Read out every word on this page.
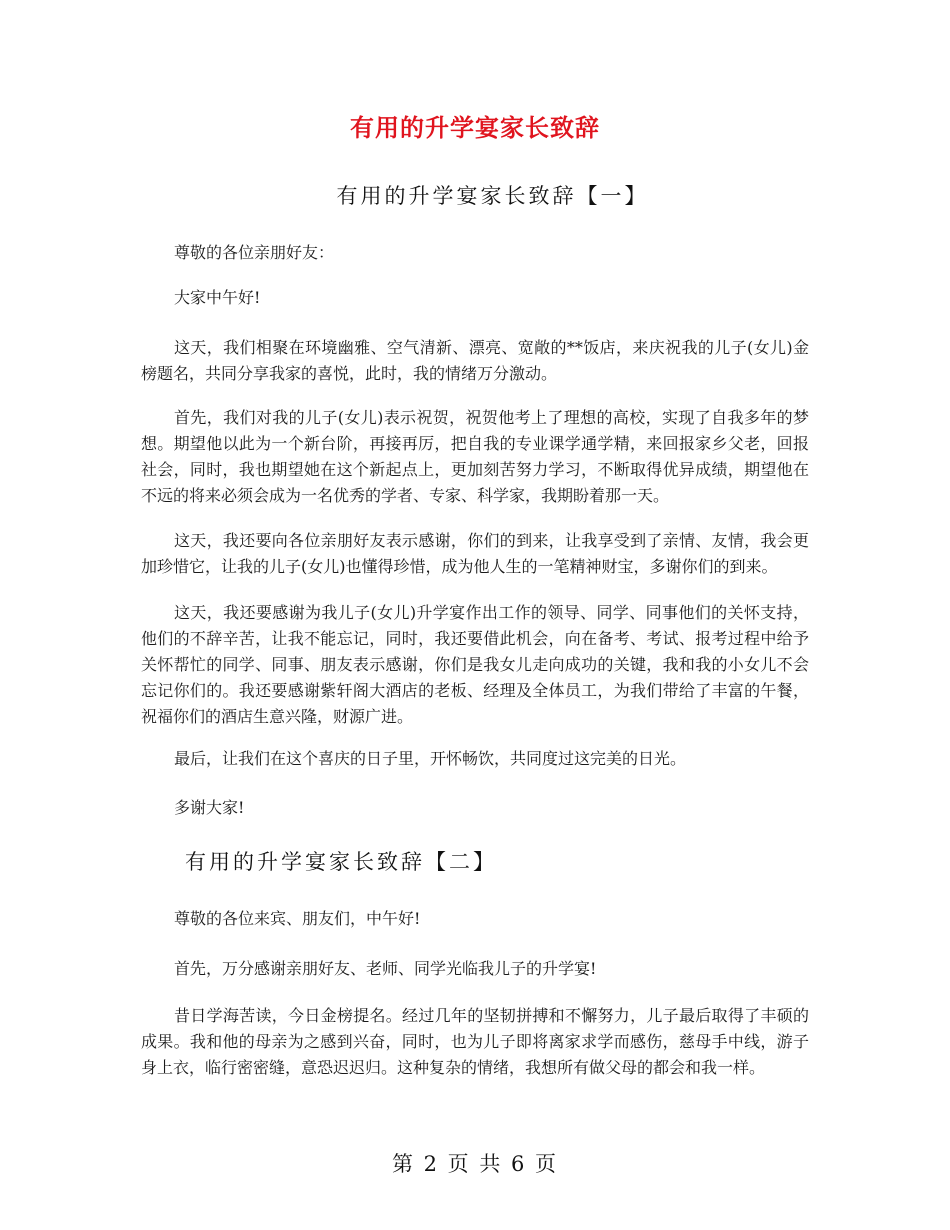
有用的升学宴家长致辞
有用的升学宴家长致辞【一】

尊敬的各位亲朋好友：

大家中午好!

这天，我们相聚在环境幽雅、空气清新、漂亮、宽敞的**饭店，来庆祝我的儿子(女儿)金榜题名，共同分享我家的喜悦，此时，我的情绪万分激动。

首先，我们对我的儿子(女儿)表示祝贺，祝贺他考上了理想的高校，实现了自我多年的梦想。期望他以此为一个新台阶，再接再厉，把自我的专业课学通学精，来回报家乡父老，回报社会，同时，我也期望她在这个新起点上，更加刻苦努力学习，不断取得优异成绩，期望他在不远的将来必须会成为一名优秀的学者、专家、科学家，我期盼着那一天。

这天，我还要向各位亲朋好友表示感谢，你们的到来，让我享受到了亲情、友情，我会更加珍惜它，让我的儿子(女儿)也懂得珍惜，成为他人生的一笔精神财宝，多谢你们的到来。

这天，我还要感谢为我儿子(女儿)升学宴作出工作的领导、同学、同事他们的关怀支持，他们的不辞辛苦，让我不能忘记，同时，我还要借此机会，向在备考、考试、报考过程中给予关怀帮忙的同学、同事、朋友表示感谢，你们是我女儿走向成功的关键，我和我的小女儿不会忘记你们的。我还要感谢紫轩阁大酒店的老板、经理及全体员工，为我们带给了丰富的午餐，祝福你们的酒店生意兴隆，财源广进。

最后，让我们在这个喜庆的日子里，开怀畅饮，共同度过这完美的日光。

多谢大家!

有用的升学宴家长致辞【二】

尊敬的各位来宾、朋友们，中午好!

首先，万分感谢亲朋好友、老师、同学光临我儿子的升学宴!

昔日学海苦读，今日金榜提名。经过几年的坚韧拼搏和不懈努力，儿子最后取得了丰硕的成果。我和他的母亲为之感到兴奋，同时，也为儿子即将离家求学而感伤，慈母手中线，游子身上衣，临行密密缝，意恐迟迟归。这种复杂的情绪，我想所有做父母的都会和我一样。

第 2 页 共 6 页
